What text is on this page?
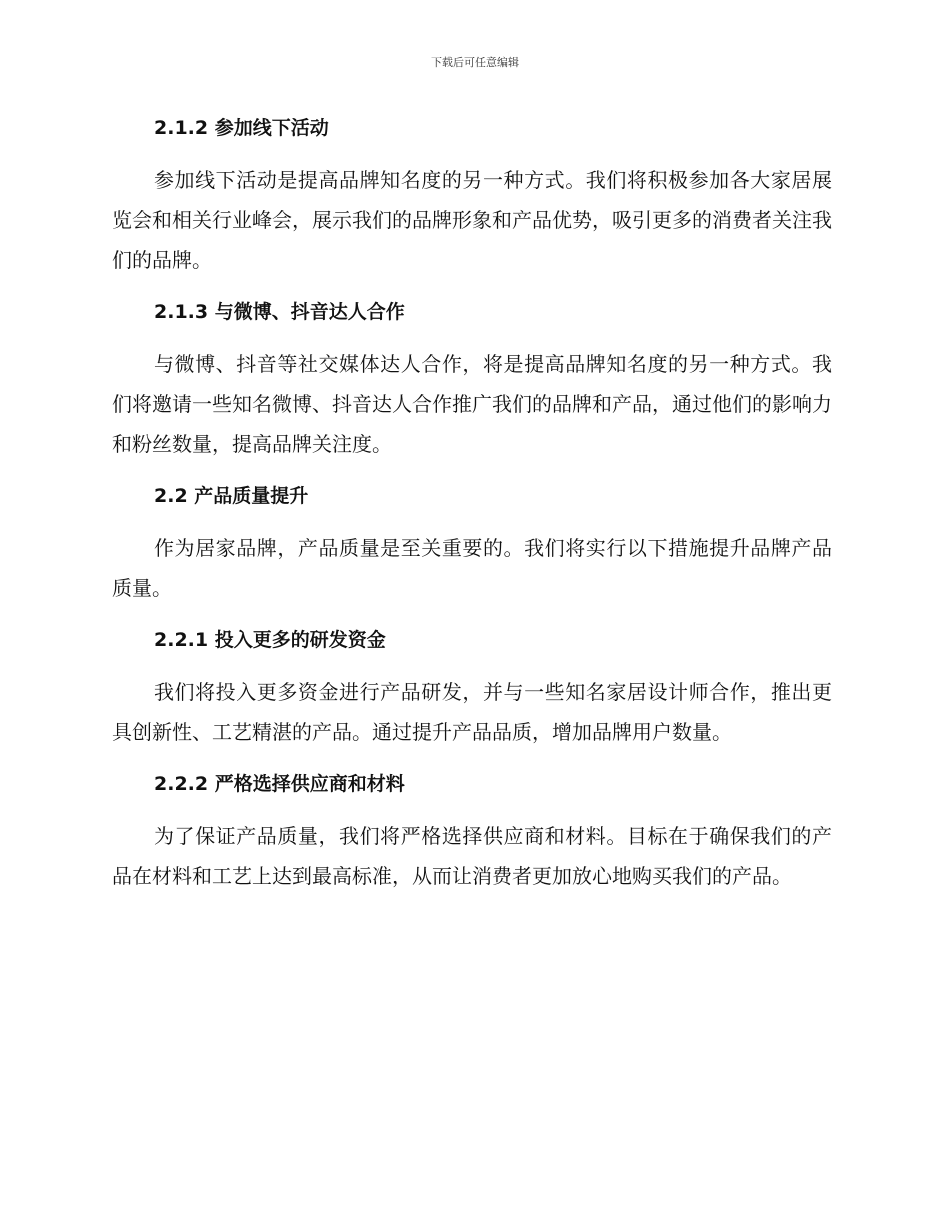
下载后可任意编辑
2.1.2 参加线下活动

参加线下活动是提高品牌知名度的另一种方式。我们将积极参加各大家居展览会和相关行业峰会，展示我们的品牌形象和产品优势，吸引更多的消费者关注我们的品牌。

2.1.3 与微博、抖音达人合作

与微博、抖音等社交媒体达人合作，将是提高品牌知名度的另一种方式。我们将邀请一些知名微博、抖音达人合作推广我们的品牌和产品，通过他们的影响力和粉丝数量，提高品牌关注度。

2.2 产品质量提升

作为居家品牌，产品质量是至关重要的。我们将实行以下措施提升品牌产品质量。

2.2.1 投入更多的研发资金

我们将投入更多资金进行产品研发，并与一些知名家居设计师合作，推出更具创新性、工艺精湛的产品。通过提升产品品质，增加品牌用户数量。

2.2.2 严格选择供应商和材料

为了保证产品质量，我们将严格选择供应商和材料。目标在于确保我们的产品在材料和工艺上达到最高标准，从而让消费者更加放心地购买我们的产品。
